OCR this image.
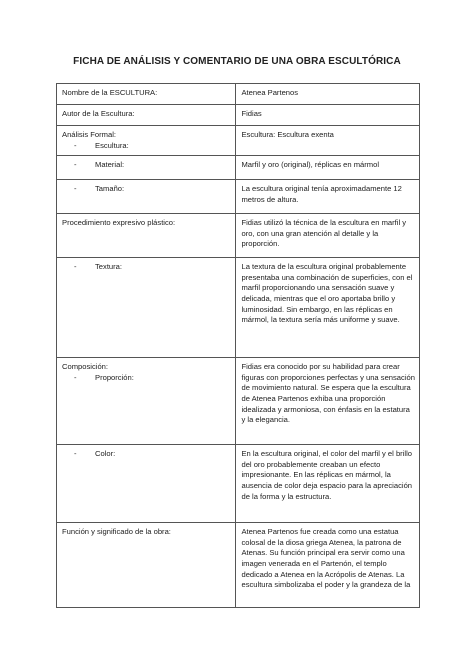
FICHA DE ANÁLISIS Y COMENTARIO DE UNA OBRA ESCULTÓRICA
Nombre de la ESCULTURA:	Atenea Partenos
Autor de la Escultura:	Fidias
Análisis Formal:
- Escultura:	Escultura: Escultura exenta

- Material:	Marfil y oro (original), réplicas en mármol

- Tamaño:	La escultura original tenía aproximadamente 12 metros de altura.
Procedimiento expresivo plástico:	Fidias utilizó la técnica de la escultura en marfil y oro, con una gran atención al detalle y la proporción.

- Textura:	La textura de la escultura original probablemente presentaba una combinación de superficies, con el marfil proporcionando una sensación suave y delicada, mientras que el oro aportaba brillo y luminosidad. Sin embargo, en las réplicas en mármol, la textura sería más uniforme y suave.
Composición:
- Proporción:	Fidias era conocido por su habilidad para crear figuras con proporciones perfectas y una sensación de movimiento natural. Se espera que la escultura de Atenea Partenos exhiba una proporción idealizada y armoniosa, con énfasis en la estatura y la elegancia.

- Color:	En la escultura original, el color del marfil y el brillo del oro probablemente creaban un efecto impresionante. En las réplicas en mármol, la ausencia de color deja espacio para la apreciación de la forma y la estructura.
Función y significado de la obra:	Atenea Partenos fue creada como una estatua colosal de la diosa griega Atenea, la patrona de Atenas. Su función principal era servir como una imagen venerada en el Partenón, el templo dedicado a Atenea en la Acrópolis de Atenas. La escultura simbolizaba el poder y la grandeza de la
